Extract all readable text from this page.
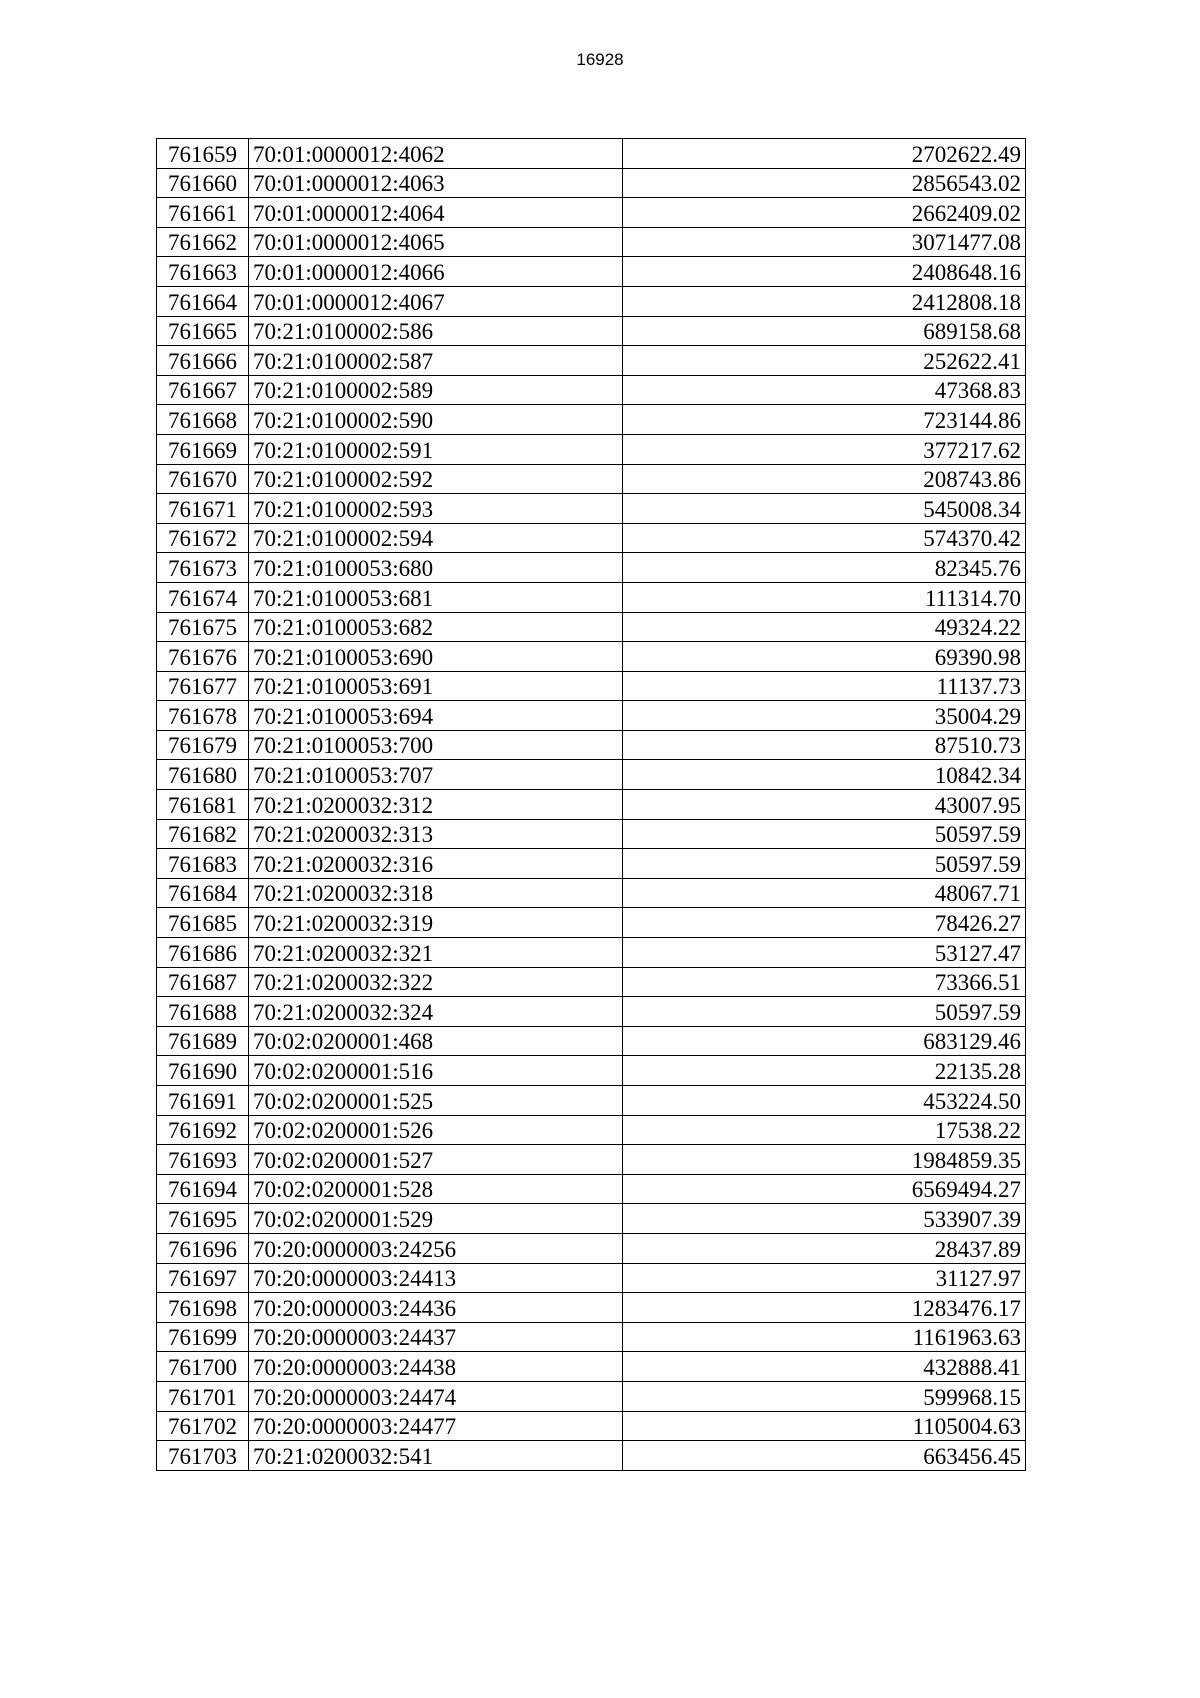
16928
761659	70:01:0000012:4062	2702622.49
761660	70:01:0000012:4063	2856543.02
761661	70:01:0000012:4064	2662409.02
761662	70:01:0000012:4065	3071477.08
761663	70:01:0000012:4066	2408648.16
761664	70:01:0000012:4067	2412808.18
761665	70:21:0100002:586	689158.68
761666	70:21:0100002:587	252622.41
761667	70:21:0100002:589	47368.83
761668	70:21:0100002:590	723144.86
761669	70:21:0100002:591	377217.62
761670	70:21:0100002:592	208743.86
761671	70:21:0100002:593	545008.34
761672	70:21:0100002:594	574370.42
761673	70:21:0100053:680	82345.76
761674	70:21:0100053:681	111314.70
761675	70:21:0100053:682	49324.22
761676	70:21:0100053:690	69390.98
761677	70:21:0100053:691	11137.73
761678	70:21:0100053:694	35004.29
761679	70:21:0100053:700	87510.73
761680	70:21:0100053:707	10842.34
761681	70:21:0200032:312	43007.95
761682	70:21:0200032:313	50597.59
761683	70:21:0200032:316	50597.59
761684	70:21:0200032:318	48067.71
761685	70:21:0200032:319	78426.27
761686	70:21:0200032:321	53127.47
761687	70:21:0200032:322	73366.51
761688	70:21:0200032:324	50597.59
761689	70:02:0200001:468	683129.46
761690	70:02:0200001:516	22135.28
761691	70:02:0200001:525	453224.50
761692	70:02:0200001:526	17538.22
761693	70:02:0200001:527	1984859.35
761694	70:02:0200001:528	6569494.27
761695	70:02:0200001:529	533907.39
761696	70:20:0000003:24256	28437.89
761697	70:20:0000003:24413	31127.97
761698	70:20:0000003:24436	1283476.17
761699	70:20:0000003:24437	1161963.63
761700	70:20:0000003:24438	432888.41
761701	70:20:0000003:24474	599968.15
761702	70:20:0000003:24477	1105004.63
761703	70:21:0200032:541	663456.45
